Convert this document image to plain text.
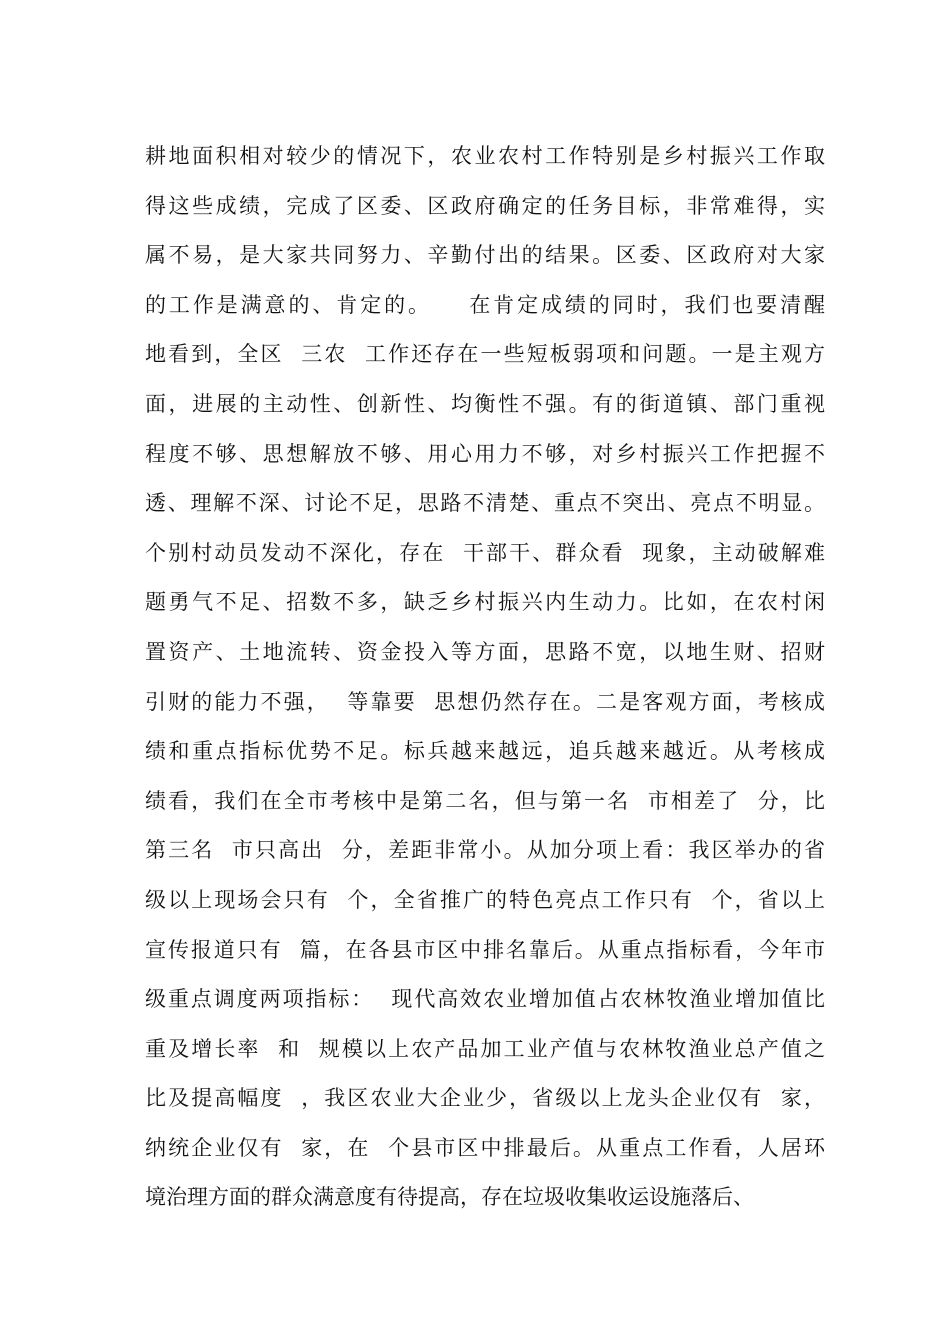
耕地面积相对较少的情况下，农业农村工作特别是乡村振兴工作取
得这些成绩，完成了区委、区政府确定的任务目标，非常难得，实
属不易，是大家共同努力、辛勤付出的结果。区委、区政府对大家
的工作是满意的、肯定的。　　在肯定成绩的同时，我们也要清醒
地看到，全区  三农  工作还存在一些短板弱项和问题。一是主观方
面，进展的主动性、创新性、均衡性不强。有的街道镇、部门重视
程度不够、思想解放不够、用心用力不够，对乡村振兴工作把握不
透、理解不深、讨论不足，思路不清楚、重点不突出、亮点不明显。
个别村动员发动不深化，存在  干部干、群众看  现象，主动破解难
题勇气不足、招数不多，缺乏乡村振兴内生动力。比如，在农村闲
置资产、土地流转、资金投入等方面，思路不宽，以地生财、招财
引财的能力不强，  等靠要  思想仍然存在。二是客观方面，考核成
绩和重点指标优势不足。标兵越来越远，追兵越来越近。从考核成
绩看，我们在全市考核中是第二名，但与第一名  市相差了  分，比
第三名  市只高出  分，差距非常小。从加分项上看：我区举办的省
级以上现场会只有  个，全省推广的特色亮点工作只有  个，省以上
宣传报道只有  篇，在各县市区中排名靠后。从重点指标看，今年市
级重点调度两项指标：  现代高效农业增加值占农林牧渔业增加值比
重及增长率  和  规模以上农产品加工业产值与农林牧渔业总产值之
比及提高幅度  ，我区农业大企业少，省级以上龙头企业仅有  家，
纳统企业仅有  家，在  个县市区中排最后。从重点工作看，人居环
境治理方面的群众满意度有待提高，存在垃圾收集收运设施落后、
